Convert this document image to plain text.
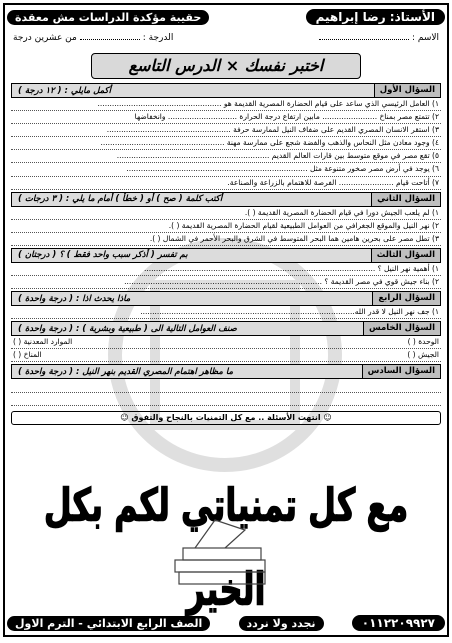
الأستاذ: رضا إبراهيم
حقيبة مؤكدة الدراسات مش معقدة
الاسم :
الدرجة : من عشرين درجة
اختبر نفسك × الدرس التاسع
السؤال الأول
أكمل مايلي : ( ١٢ درجة )
١) العامل الرئيسي الذي ساعد على قيام الحضارة المصرية القديمة هو ....................................................
٢) تتمتع مصر بمناخ ....................... مابين ارتفاع درجة الحرارة ............................. وانخفاضها
٣) استقر الانسان المصري القديم على ضفاف النيل لممارسة حرفة ....................................................
٤) وجود معادن مثل النحاس والذهب والفضة شجع على ممارسة مهنة ....................................................
٥) تقع مصر في موقع متوسط بين قارات العالم القديم ................................................................
٦) يوجد في أرض مصر صخور متنوعة مثل ............................................................................
٧) أتاحت قيام ....................... الفرصة للاهتمام بالزراعة والصناعة.
السؤال الثاني
أكتب كلمة ( صح ) أو ( خطأ ) أمام ما يلي : ( ٣ درجات )
١) لم يلعب الجيش دورا في قيام الحضارة المصرية القديمة ( ).
٢) نهر النيل والموقع الجغرافي من العوامل الطبيعية لقيام الحضارة المصرية القديمة ( ).
٣) تطل مصر على بحرين هامين هما البحر المتوسط في الشرق والبحر الأحمر في الشمال ( ).
السؤال الثالث
بم تفسر ( أذكر سبب واحد فقط ) ؟ ( درجتان )
١) أهمية نهر النيل ؟ .................................................................................................
٢) بناء جيش قوي في مصر القديمة ؟ ...................................................................................
السؤال الرابع
ماذا يحدث اذا : ( درجة واحدة )
١) جف نهر النيل لا قدر الله..........................................................................................
السؤال الخامس
صنف العوامل التالية الى ( طبيعية وبشرية ) : ( درجة واحدة )
الوحدة ( )
الموارد المعدنية ( )
الجيش ( )
المناخ ( )
السؤال السادس
ما مظاهر اهتمام المصري القديم بنهر النيل : ( درجة واحدة )
☺ انتهت الأسئلة .. مع كل التمنيات بالنجاح والتفوق ☺
مع كل تمنياتي لكم بكل الخير
٠١١٢٢٠٩٩٢٧
نجدد ولا نردد
الصف الرابع الابتدائي - الترم الاول
